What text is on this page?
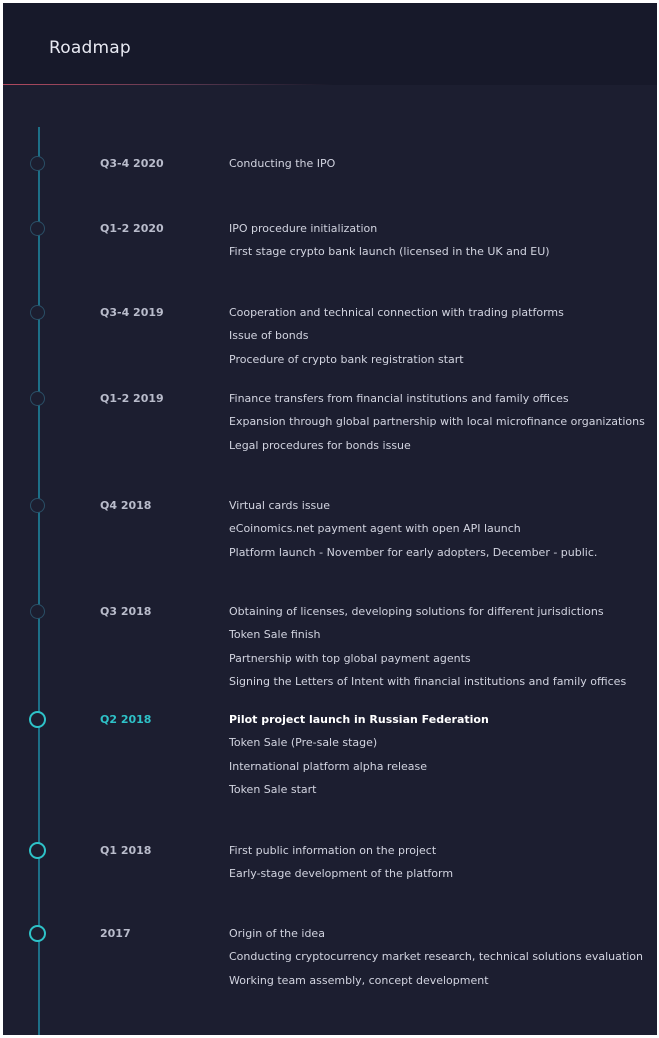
Roadmap
Q3-4 2020	Conducting the IPO
Q1-2 2020	IPO procedure initialization
First stage crypto bank launch (licensed in the UK and EU)
Q3-4 2019	Cooperation and technical connection with trading platforms
Issue of bonds
Procedure of crypto bank registration start
Q1-2 2019	Finance transfers from financial institutions and family offices
Expansion through global partnership with local microfinance organizations
Legal procedures for bonds issue
Q4 2018	Virtual cards issue
eCoinomics.net payment agent with open API launch
Platform launch - November for early adopters, December - public.
Q3 2018	Obtaining of licenses, developing solutions for different jurisdictions
Token Sale finish
Partnership with top global payment agents
Signing the Letters of Intent with financial institutions and family offices
Q2 2018	Pilot project launch in Russian Federation
Token Sale (Pre-sale stage)
International platform alpha release
Token Sale start
Q1 2018	First public information on the project
Early-stage development of the platform
2017	Origin of the idea
Conducting cryptocurrency market research, technical solutions evaluation
Working team assembly, concept development
